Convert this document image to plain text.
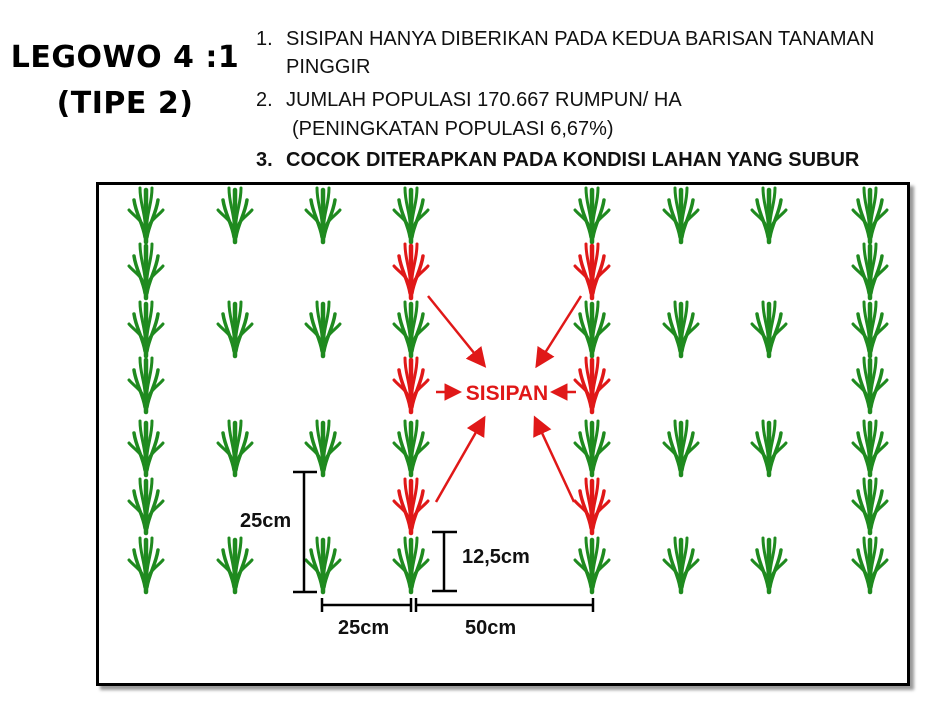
LEGOWO 4 :1
(TIPE 2)
1. SISIPAN HANYA DIBERIKAN PADA KEDUA BARISAN TANAMAN
PINGGIR
2. JUMLAH POPULASI 170.667 RUMPUN/ HA
(PENINGKATAN POPULASI 6,67%)
3. COCOK DITERAPKAN PADA KONDISI LAHAN YANG SUBUR
SISIPAN
25cm
12,5cm
25cm	50cm
